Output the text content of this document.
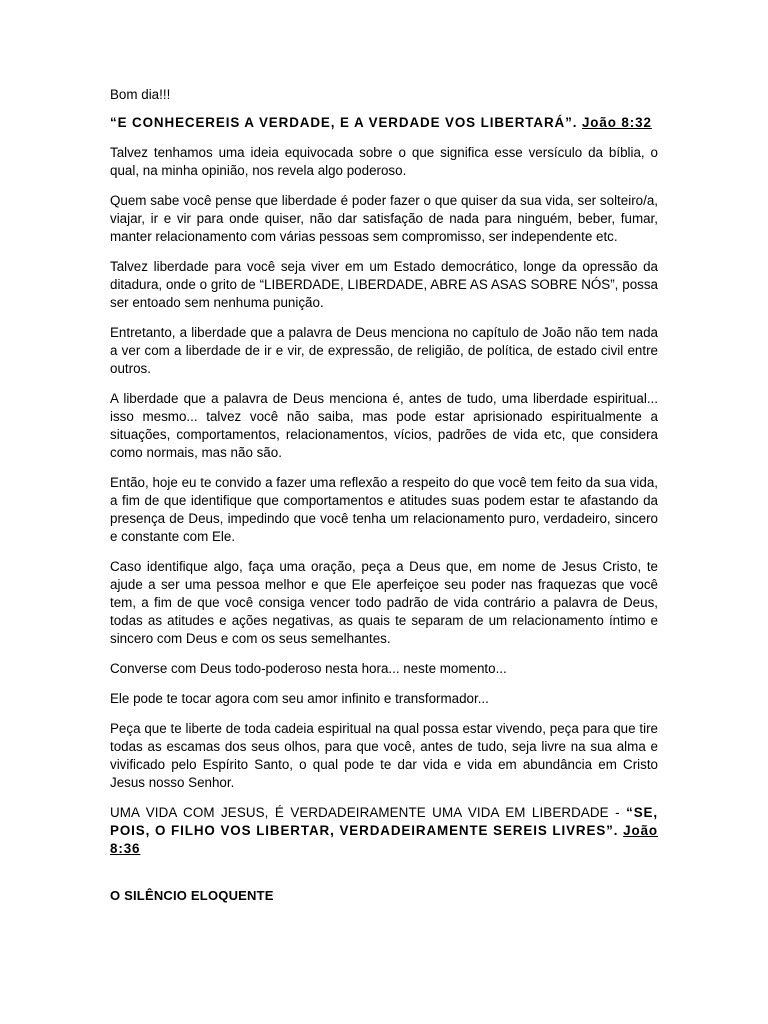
Bom dia!!!

“E CONHECEREIS A VERDADE, E A VERDADE VOS LIBERTARÁ”. João 8:32

Talvez tenhamos uma ideia equivocada sobre o que significa esse versículo da bíblia, o qual, na minha opinião, nos revela algo poderoso.

Quem sabe você pense que liberdade é poder fazer o que quiser da sua vida, ser solteiro/a, viajar, ir e vir para onde quiser, não dar satisfação de nada para ninguém, beber, fumar, manter relacionamento com várias pessoas sem compromisso, ser independente etc.

Talvez liberdade para você seja viver em um Estado democrático, longe da opressão da ditadura, onde o grito de “LIBERDADE, LIBERDADE, ABRE AS ASAS SOBRE NÓS”, possa ser entoado sem nenhuma punição.

Entretanto, a liberdade que a palavra de Deus menciona no capítulo de João não tem nada a ver com a liberdade de ir e vir, de expressão, de religião, de política, de estado civil entre outros.

A liberdade que a palavra de Deus menciona é, antes de tudo, uma liberdade espiritual... isso mesmo... talvez você não saiba, mas pode estar aprisionado espiritualmente a situações, comportamentos, relacionamentos, vícios, padrões de vida etc, que considera como normais, mas não são.

Então, hoje eu te convido a fazer uma reflexão a respeito do que você tem feito da sua vida, a fim de que identifique que comportamentos e atitudes suas podem estar te afastando da presença de Deus, impedindo que você tenha um relacionamento puro, verdadeiro, sincero e constante com Ele.

Caso identifique algo, faça uma oração, peça a Deus que, em nome de Jesus Cristo, te ajude a ser uma pessoa melhor e que Ele aperfeiçoe seu poder nas fraquezas que você tem, a fim de que você consiga vencer todo padrão de vida contrário a palavra de Deus, todas as atitudes e ações negativas, as quais te separam de um relacionamento íntimo e sincero com Deus e com os seus semelhantes.

Converse com Deus todo-poderoso nesta hora... neste momento...

Ele pode te tocar agora com seu amor infinito e transformador...

Peça que te liberte de toda cadeia espiritual na qual possa estar vivendo, peça para que tire todas as escamas dos seus olhos, para que você, antes de tudo, seja livre na sua alma e vivificado pelo Espírito Santo, o qual pode te dar vida e vida em abundância em Cristo Jesus nosso Senhor.

UMA VIDA COM JESUS, É VERDADEIRAMENTE UMA VIDA EM LIBERDADE - “SE, POIS, O FILHO VOS LIBERTAR, VERDADEIRAMENTE SEREIS LIVRES”. João 8:36

O SILÊNCIO ELOQUENTE
